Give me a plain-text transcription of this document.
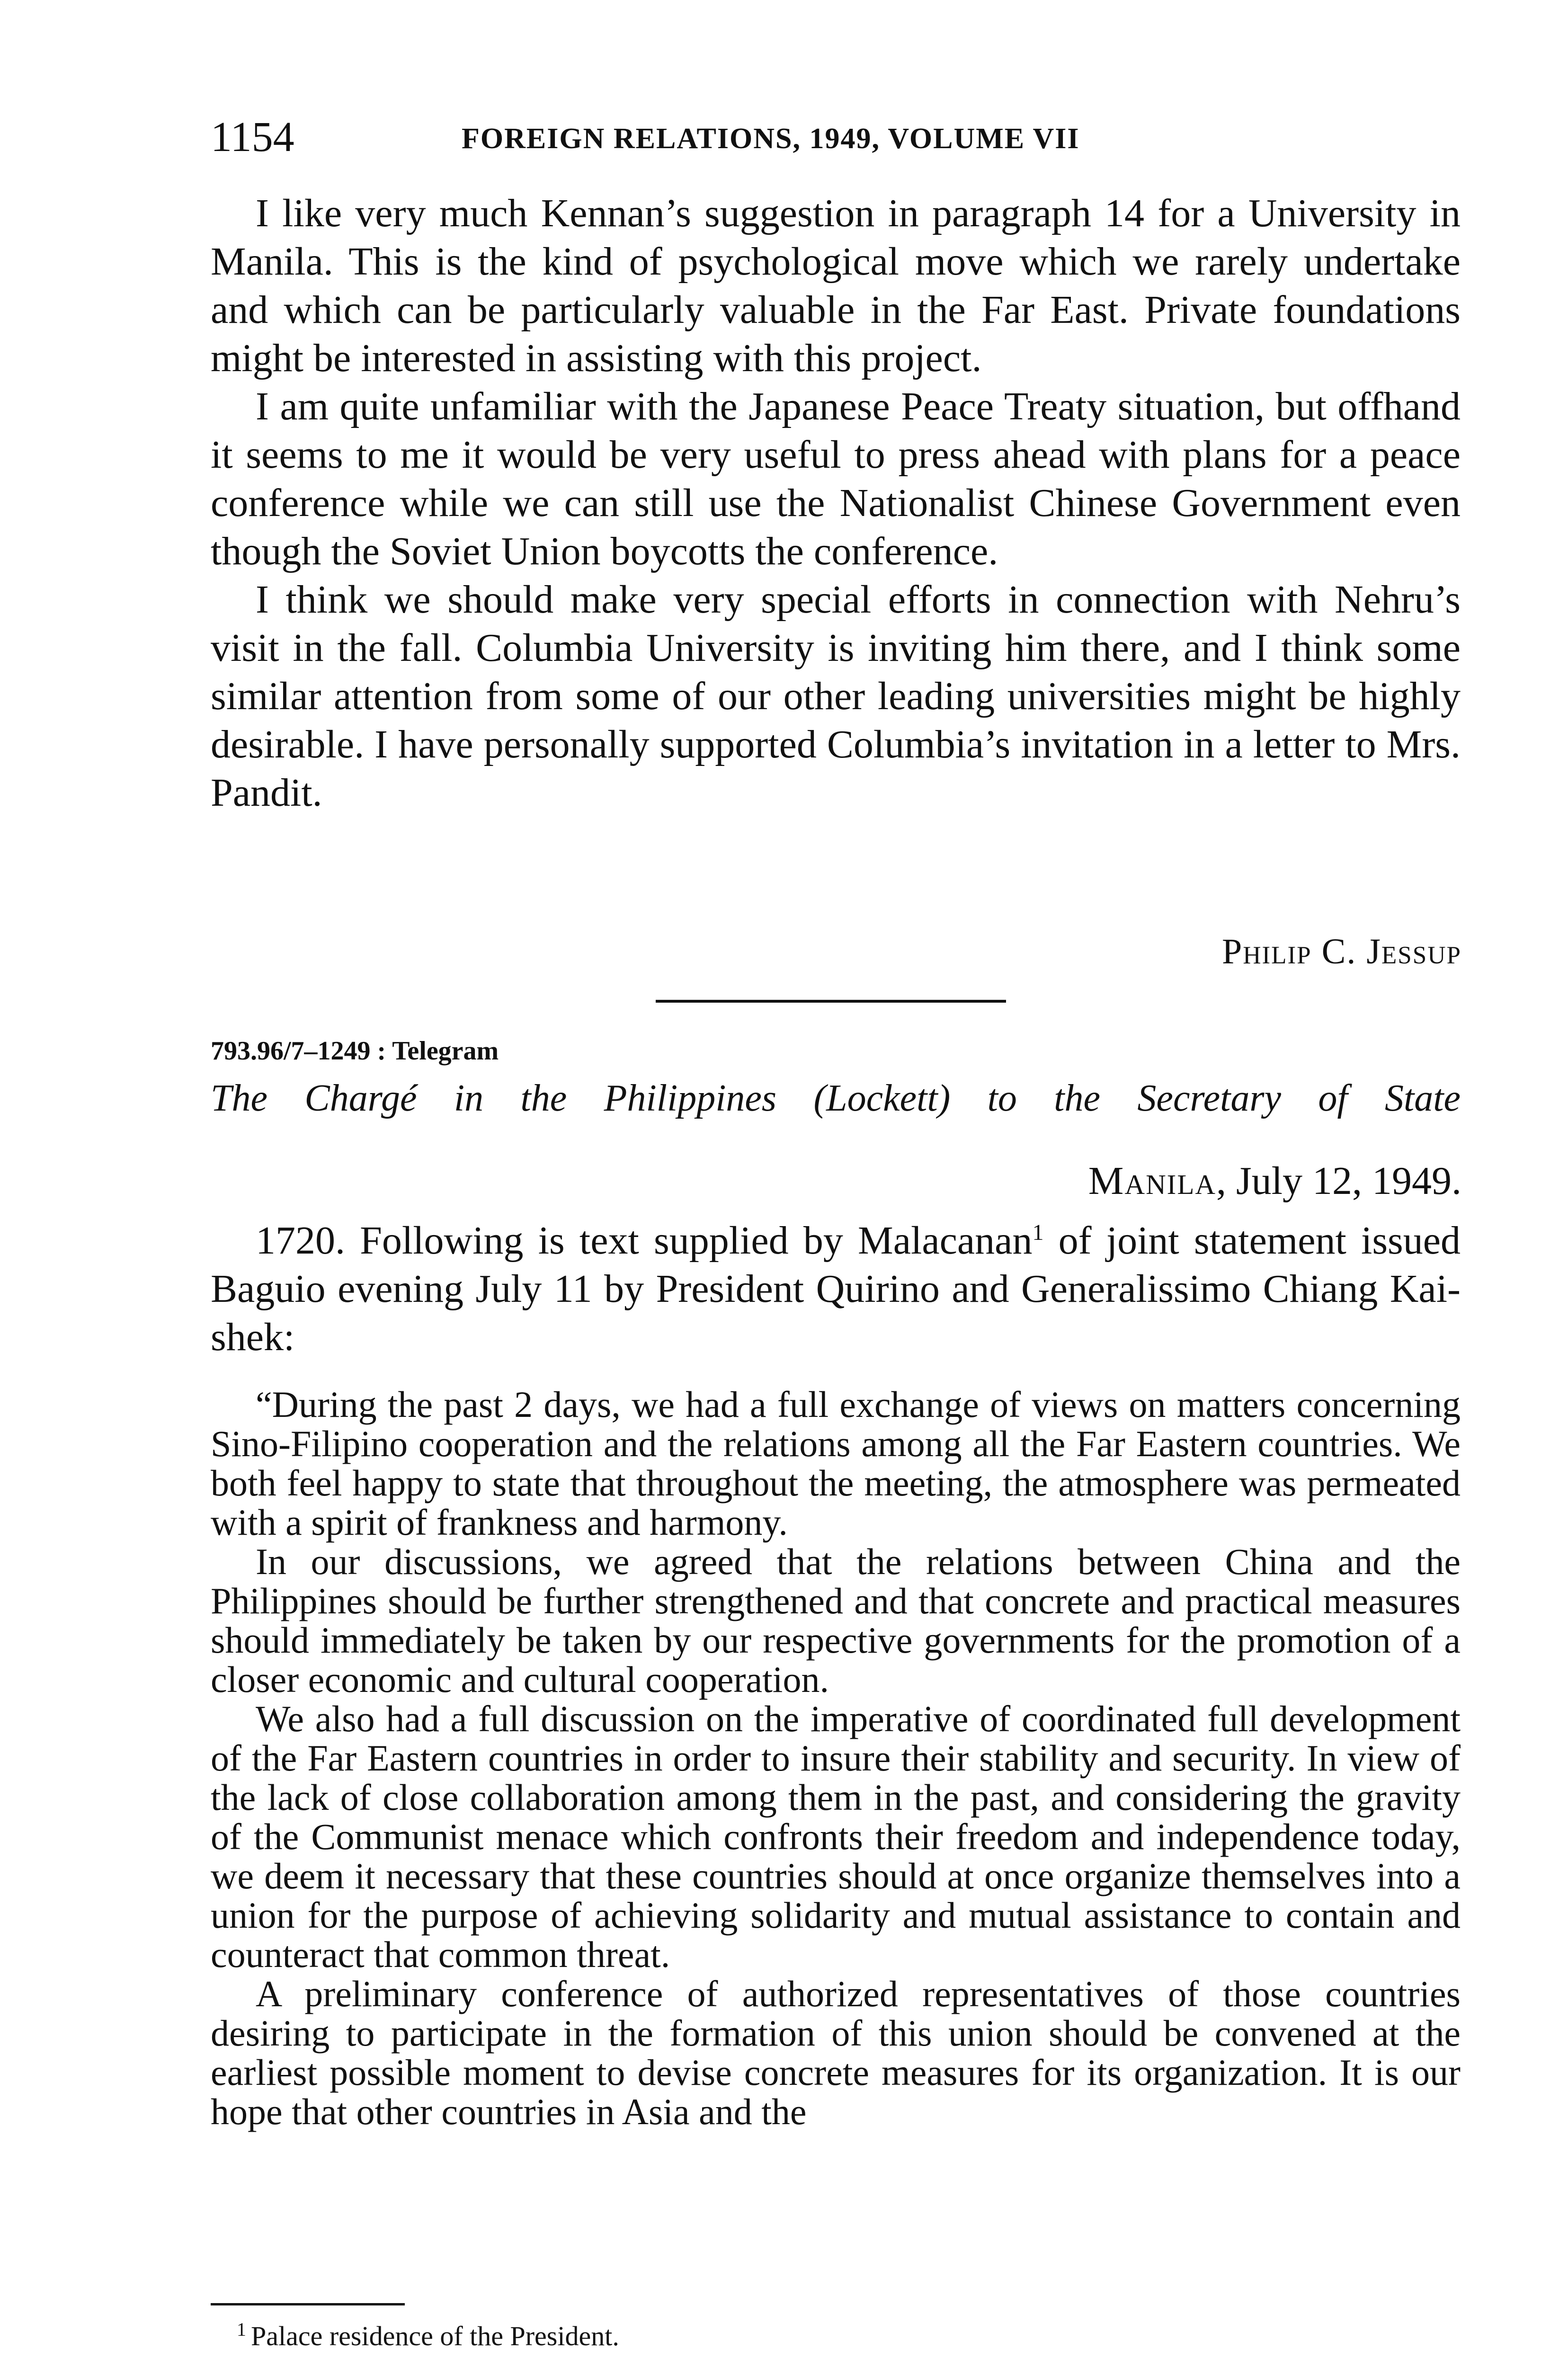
1154	FOREIGN RELATIONS, 1949, VOLUME VII

I like very much Kennan’s suggestion in paragraph 14 for a University in Manila. This is the kind of psychological move which we rarely undertake and which can be particularly valuable in the Far East. Private foundations might be interested in assisting with this project.

I am quite unfamiliar with the Japanese Peace Treaty situation, but offhand it seems to me it would be very useful to press ahead with plans for a peace conference while we can still use the Nationalist Chinese Government even though the Soviet Union boycotts the conference.

I think we should make very special efforts in connection with Nehru’s visit in the fall. Columbia University is inviting him there, and I think some similar attention from some of our other leading universities might be highly desirable. I have personally supported Columbia’s invitation in a letter to Mrs. Pandit.

Philip C. Jessup
793.96/7–1249 : Telegram
The Chargé in the Philippines (Lockett) to the Secretary of State
Manila, July 12, 1949.

1720. Following is text supplied by Malacanan$^1$ of joint statement issued Baguio evening July 11 by President Quirino and Generalissimo Chiang Kai-shek:

“During the past 2 days, we had a full exchange of views on matters concerning Sino-Filipino cooperation and the relations among all the Far Eastern countries. We both feel happy to state that throughout the meeting, the atmosphere was permeated with a spirit of frankness and harmony.

In our discussions, we agreed that the relations between China and the Philippines should be further strengthened and that concrete and practical measures should immediately be taken by our respective governments for the promotion of a closer economic and cultural cooperation.

We also had a full discussion on the imperative of coordinated full development of the Far Eastern countries in order to insure their stability and security. In view of the lack of close collaboration among them in the past, and considering the gravity of the Communist menace which confronts their freedom and independence today, we deem it necessary that these countries should at once organize themselves into a union for the purpose of achieving solidarity and mutual assistance to contain and counteract that common threat.

A preliminary conference of authorized representatives of those countries desiring to participate in the formation of this union should be convened at the earliest possible moment to devise concrete measures for its organization. It is our hope that other countries in Asia and the

$^1$ Palace residence of the President.
